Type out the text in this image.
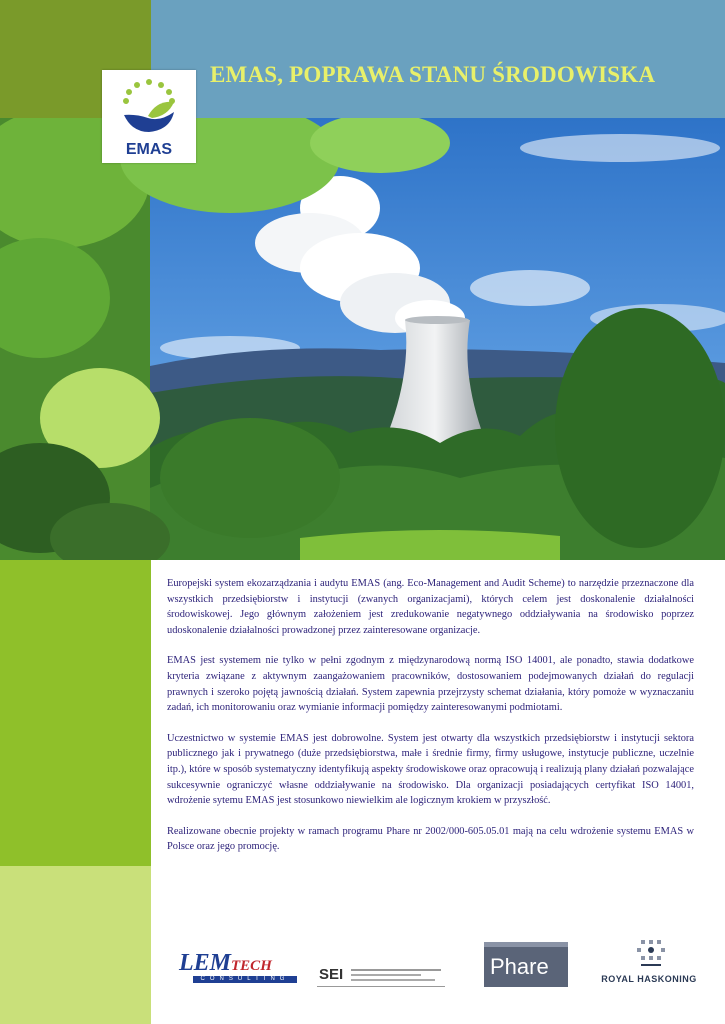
EMAS, POPRAWA STANU ŚRODOWISKA
EMAS

Europejski system ekozarządzania i audytu EMAS (ang. Eco-Management and Audit Scheme) to narzędzie przeznaczone dla wszystkich przedsiębiorstw i instytucji (zwanych organizacjami), których celem jest doskonalenie działalności środowiskowej. Jego głównym założeniem jest zredukowanie negatywnego oddziaływania na środowisko poprzez udoskonalenie działalności prowadzonej przez zainteresowane organizacje.

EMAS jest systemem nie tylko w pełni zgodnym z międzynarodową normą ISO 14001, ale ponadto, stawia dodatkowe kryteria związane z aktywnym zaangażowaniem pracowników, dostosowaniem podejmowanych działań do regulacji prawnych i szeroko pojętą jawnością działań. System zapewnia przejrzysty schemat działania, który pomoże w wyznaczaniu zadań, ich monitorowaniu oraz wymianie informacji pomiędzy zainteresowanymi podmiotami.

Uczestnictwo w systemie EMAS jest dobrowolne. System jest otwarty dla wszystkich przedsiębiorstw i instytucji sektora publicznego jak i prywatnego (duże przedsiębiorstwa, małe i średnie firmy, firmy usługowe, instytucje publiczne, uczelnie itp.), które w sposób systematyczny identyfikują aspekty środowiskowe oraz opracowują i realizują plany działań pozwalające sukcesywnie ograniczyć własne oddziaływanie na środowisko. Dla organizacji posiadających certyfikat ISO 14001, wdrożenie sytemu EMAS jest stosunkowo niewielkim ale logicznym krokiem w przyszłość.

Realizowane obecnie projekty w ramach programu Phare nr 2002/000-605.05.01 mają na celu wdrożenie systemu EMAS w Polsce oraz jego promocję.

LEMTECH
CONSULTING	SEI	Phare	ROYAL HASKONING
